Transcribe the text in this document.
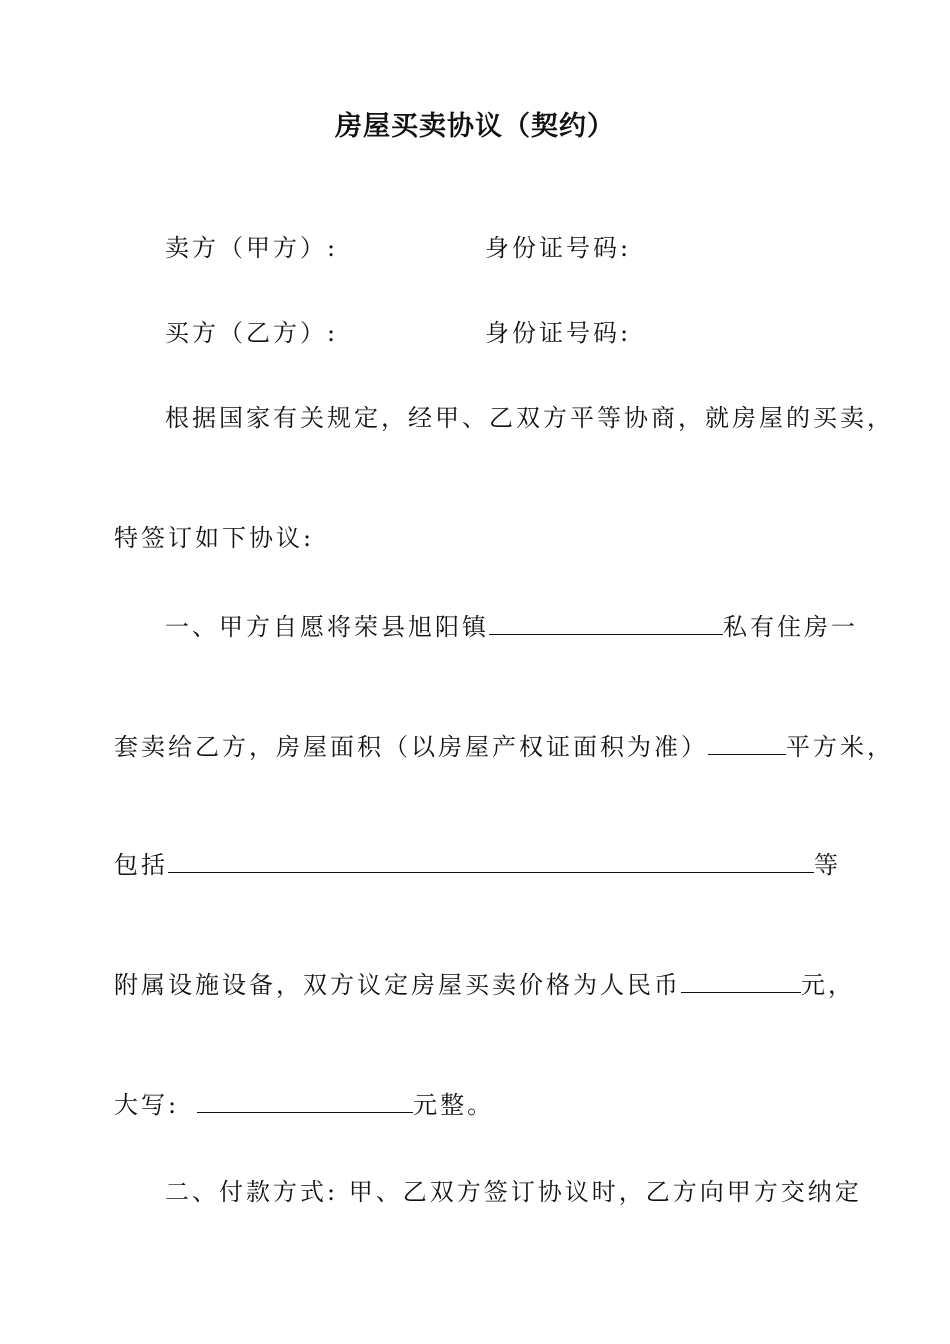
房屋买卖协议（契约）
卖方（甲方）:	身份证号码:
买方（乙方）:	身份证号码:
根据国家有关规定，经甲、乙双方平等协商，就房屋的买卖，
特签订如下协议:
一、甲方自愿将荣县旭阳镇	私有住房一
套卖给乙方，房屋面积（以房屋产权证面积为准）	平方米，
包括	等
附属设施设备，双方议定房屋买卖价格为人民币	元，
大写:	元整。
二、付款方式: 甲、乙双方签订协议时，乙方向甲方交纳定
